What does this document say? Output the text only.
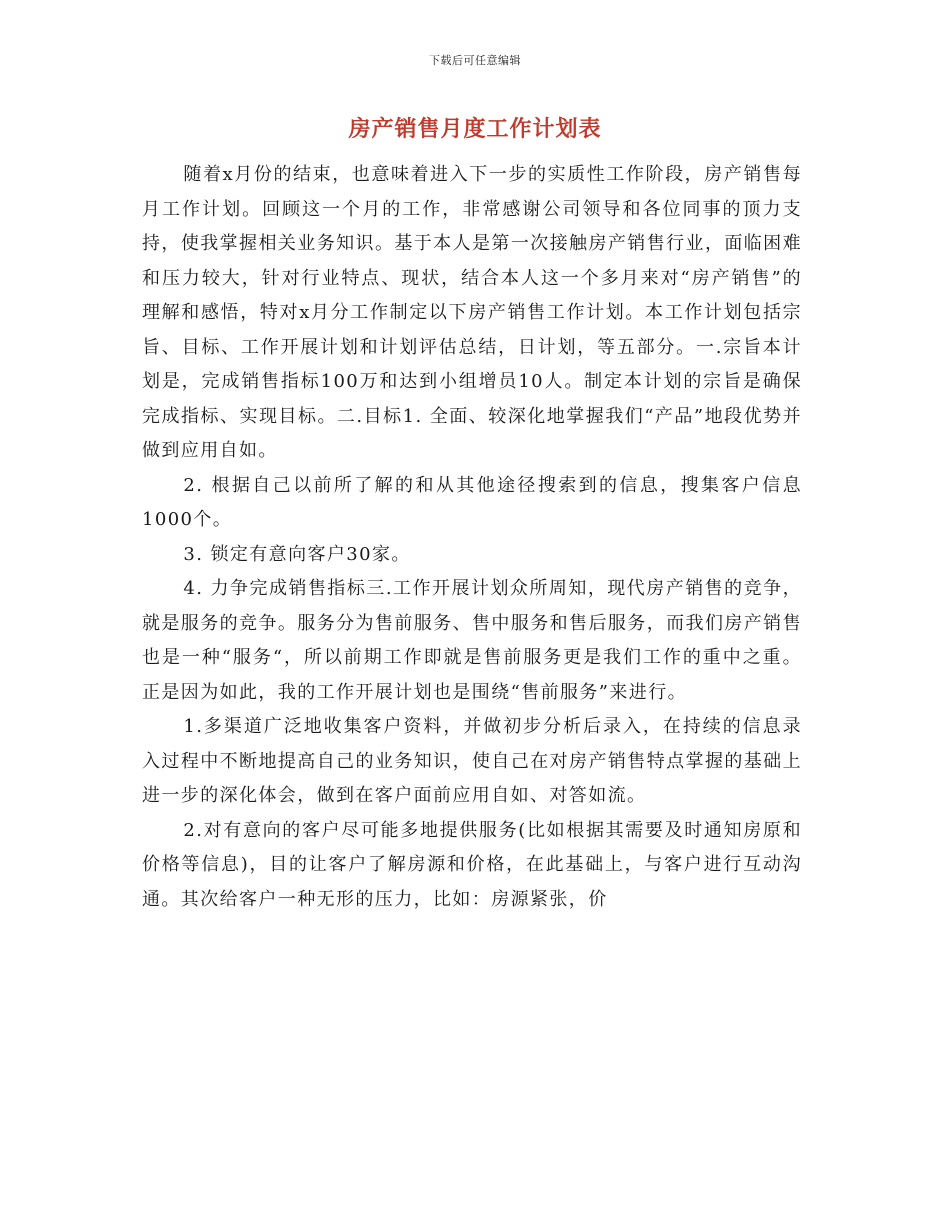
下载后可任意编辑
房产销售月度工作计划表

随着x月份的结束，也意味着进入下一步的实质性工作阶段，房产销售每月工作计划。回顾这一个月的工作，非常感谢公司领导和各位同事的顶力支持，使我掌握相关业务知识。基于本人是第一次接触房产销售行业，面临困难和压力较大，针对行业特点、现状，结合本人这一个多月来对“房产销售”的理解和感悟，特对x月分工作制定以下房产销售工作计划。本工作计划包括宗旨、目标、工作开展计划和计划评估总结，日计划，等五部分。一.宗旨本计划是，完成销售指标100万和达到小组增员10人。制定本计划的宗旨是确保完成指标、实现目标。二.目标1. 全面、较深化地掌握我们“产品”地段优势并做到应用自如。

2. 根据自己以前所了解的和从其他途径搜索到的信息，搜集客户信息1000个。

3. 锁定有意向客户30家。

4. 力争完成销售指标三.工作开展计划众所周知，现代房产销售的竞争，就是服务的竞争。服务分为售前服务、售中服务和售后服务，而我们房产销售也是一种“服务“，所以前期工作即就是售前服务更是我们工作的重中之重。正是因为如此，我的工作开展计划也是围绕“售前服务”来进行。

1.多渠道广泛地收集客户资料，并做初步分析后录入，在持续的信息录入过程中不断地提高自己的业务知识，使自己在对房产销售特点掌握的基础上进一步的深化体会，做到在客户面前应用自如、对答如流。

2.对有意向的客户尽可能多地提供服务(比如根据其需要及时通知房原和价格等信息)，目的让客户了解房源和价格，在此基础上，与客户进行互动沟通。其次给客户一种无形的压力，比如：房源紧张，价
